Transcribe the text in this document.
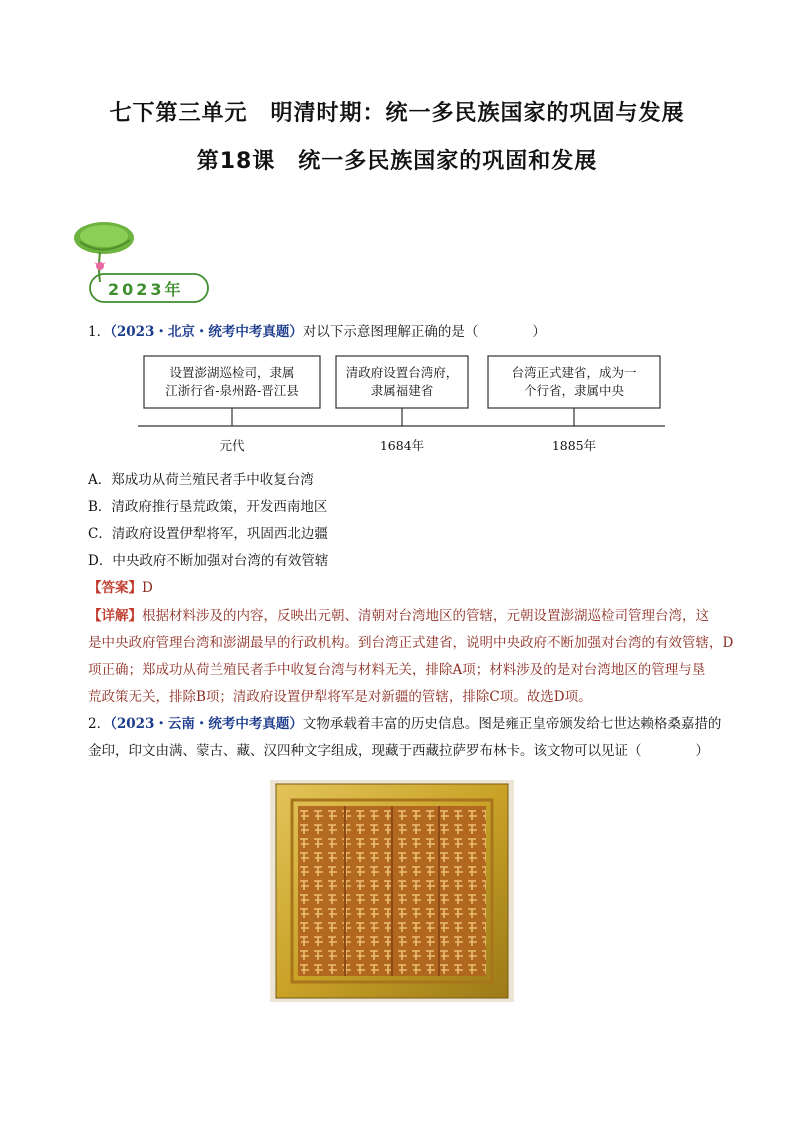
七下第三单元　明清时期：统一多民族国家的巩固与发展
第18课　统一多民族国家的巩固和发展
2023年
1．（2023・北京・统考中考真题）对以下示意图理解正确的是（　　　　）
设置澎湖巡检司，隶属
江浙行省-泉州路-晋江县
清政府设置台湾府，
隶属福建省
台湾正式建省，成为一
个行省，隶属中央
元代	1684年	1885年
A．郑成功从荷兰殖民者手中收复台湾
B．清政府推行垦荒政策，开发西南地区
C．清政府设置伊犁将军，巩固西北边疆
D．中央政府不断加强对台湾的有效管辖
【答案】D
【详解】根据材料涉及的内容，反映出元朝、清朝对台湾地区的管辖，元朝设置澎湖巡检司管理台湾，这
是中央政府管理台湾和澎湖最早的行政机构。到台湾正式建省，说明中央政府不断加强对台湾的有效管辖，D
项正确；郑成功从荷兰殖民者手中收复台湾与材料无关，排除A项；材料涉及的是对台湾地区的管理与垦
荒政策无关，排除B项；清政府设置伊犁将军是对新疆的管辖，排除C项。故选D项。
2．（2023・云南・统考中考真题）文物承载着丰富的历史信息。图是雍正皇帝颁发给七世达赖格桑嘉措的
金印，印文由满、蒙古、藏、汉四种文字组成，现藏于西藏拉萨罗布林卡。该文物可以见证（　　　　）
